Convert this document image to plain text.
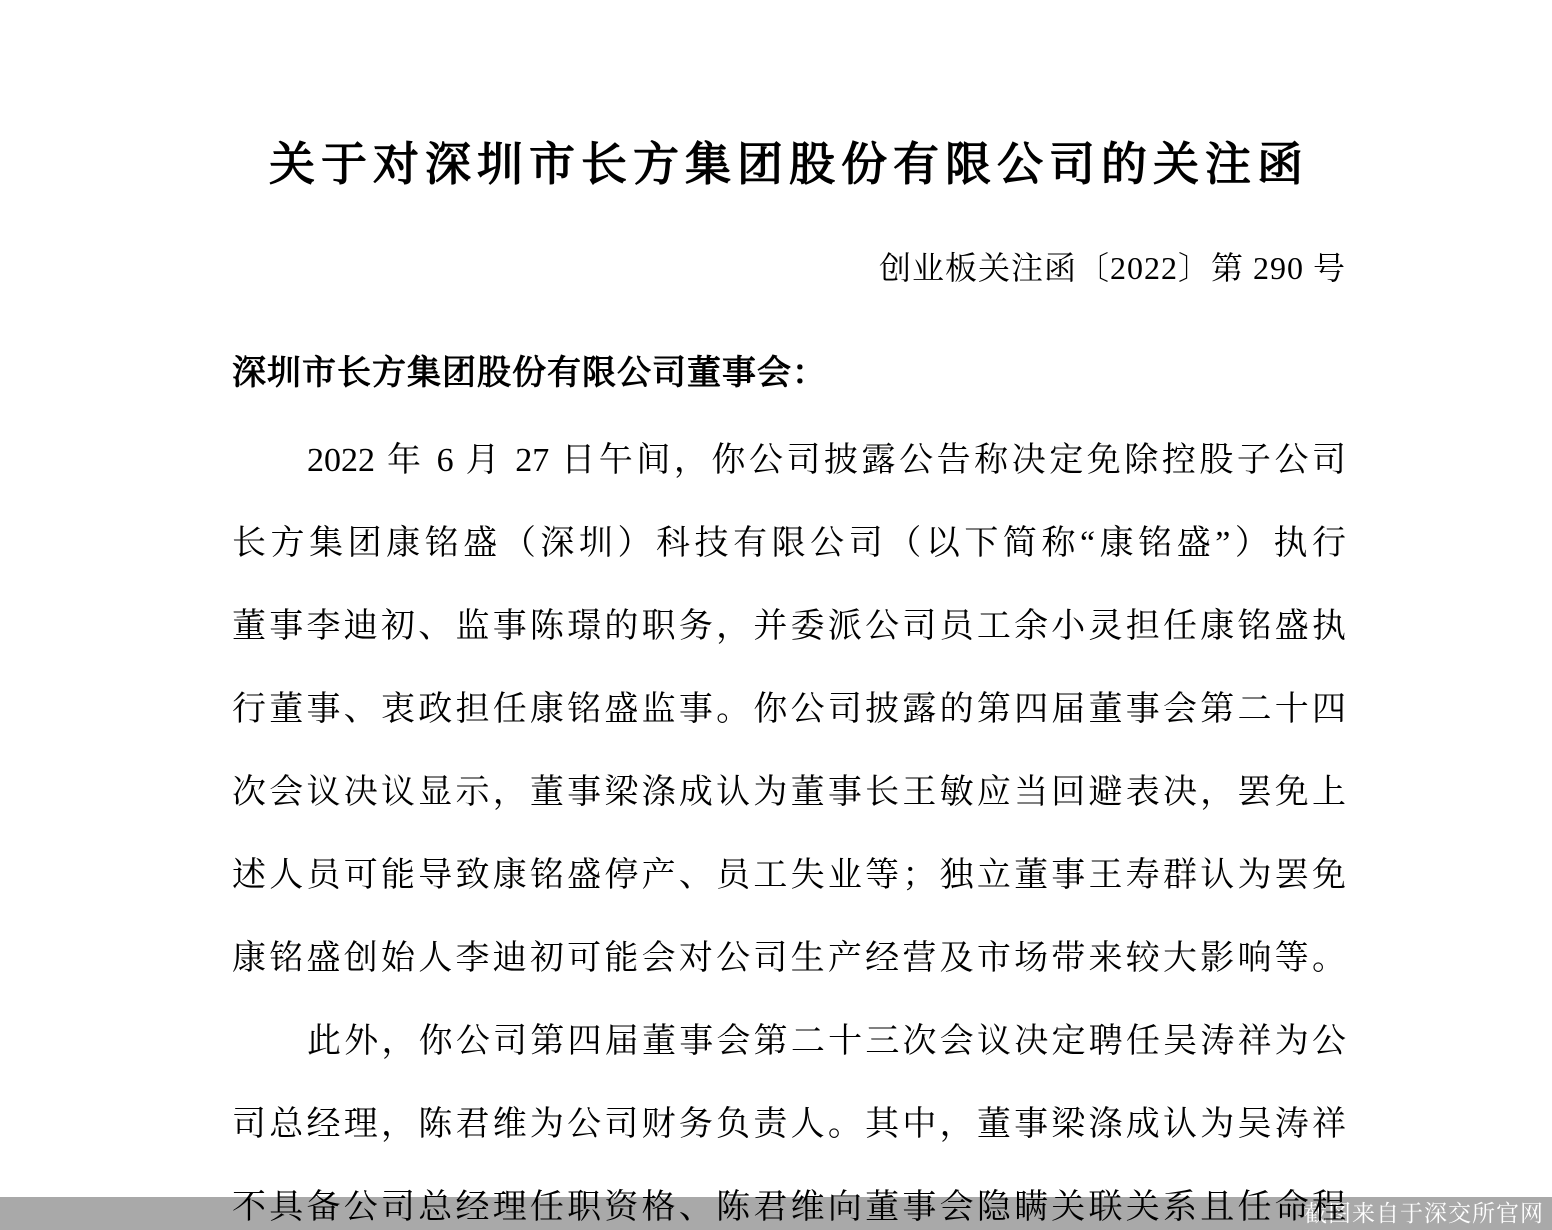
截图来自于深交所官网
关于对深圳市长方集团股份有限公司的关注函
创业板关注函〔2022〕第 290 号
深圳市长方集团股份有限公司董事会：
2022 年 6 月 27 日午间，你公司披露公告称决定免除控股子公司
长方集团康铭盛（深圳）科技有限公司（以下简称“康铭盛”）执行
董事李迪初、监事陈璟的职务，并委派公司员工余小灵担任康铭盛执
行董事、衷政担任康铭盛监事。你公司披露的第四届董事会第二十四
次会议决议显示，董事梁涤成认为董事长王敏应当回避表决，罢免上
述人员可能导致康铭盛停产、员工失业等；独立董事王寿群认为罢免
康铭盛创始人李迪初可能会对公司生产经营及市场带来较大影响等。
此外，你公司第四届董事会第二十三次会议决定聘任吴涛祥为公
司总经理，陈君维为公司财务负责人。其中，董事梁涤成认为吴涛祥
不具备公司总经理任职资格、陈君维向董事会隐瞒关联关系且任命程
